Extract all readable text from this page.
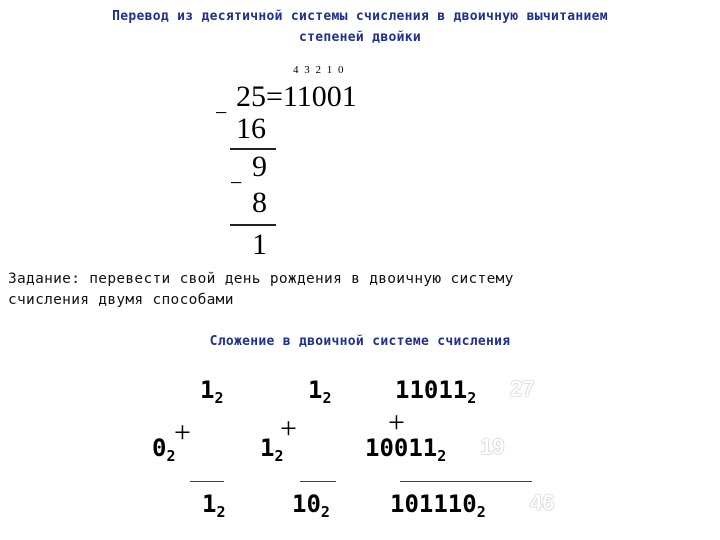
Перевод из десятичной системы счисления в двоичную вычитанием
степеней двойки
4 3 2 1 0
− 25=11001
16
9
−
8
1
Задание: перевести свой день рождения в двоичную систему
счисления двумя способами
Сложение в двоичной системе счисления
$1_2$
$0_2$
+
$1_2$
$1_2$
$1_2$
+
$10_2$
$11011_2$ 27
+
$10011_2$ 19
$101110_2$ 46
